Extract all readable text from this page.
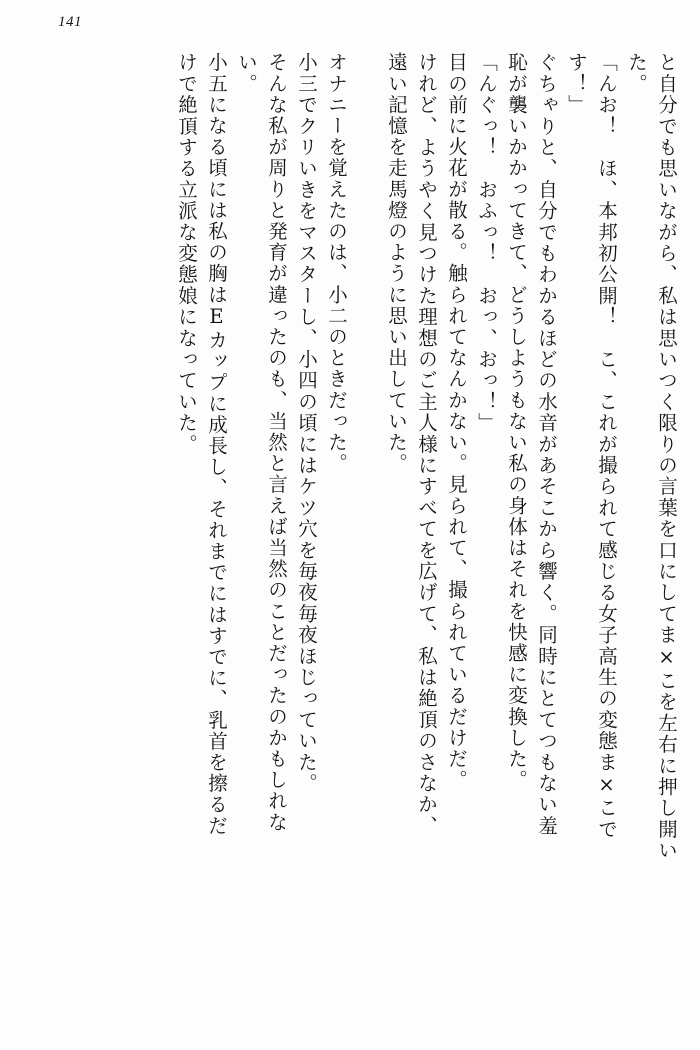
141
と自分でも思いながら、私は思いつく限りの言葉を口にしてま×こを左右に押し開い
た。
「んお！　ほ、本邦初公開！　こ、これが撮られて感じる女子高生の変態ま×こで
す！」
ぐちゃりと、自分でもわかるほどの水音があそこから響く。同時にとてつもない羞
恥が襲いかかってきて、どうしようもない私の身体はそれを快感に変換した。
「んぐっ！　おふっ！　おっ、おっ！」
目の前に火花が散る。触られてなんかない。見られて、撮られているだけだ。
けれど、ようやく見つけた理想のご主人様にすべてを広げて、私は絶頂のさなか、
遠い記憶を走馬燈のように思い出していた。
オナニーを覚えたのは、小二のときだった。
小三でクリいきをマスターし、小四の頃にはケツ穴を毎夜毎夜ほじっていた。
そんな私が周りと発育が違ったのも、当然と言えば当然のことだったのかもしれな
い。
小五になる頃には私の胸はEカップに成長し、それまでにはすでに、乳首を擦るだ
けで絶頂する立派な変態娘になっていた。
